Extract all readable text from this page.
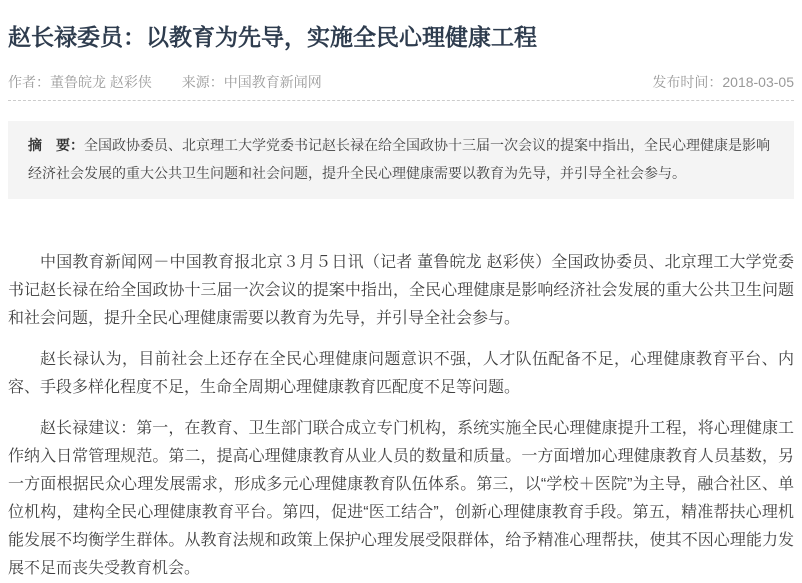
赵长禄委员：以教育为先导，实施全民心理健康工程
作者：董鲁皖龙 赵彩侠 来源：中国教育新闻网	发布时间：2018-03-05
摘　要：全国政协委员、北京理工大学党委书记赵长禄在给全国政协十三届一次会议的提案中指出，全民心理健康是影响经济社会发展的重大公共卫生问题和社会问题，提升全民心理健康需要以教育为先导，并引导全社会参与。

中国教育新闻网－中国教育报北京３月５日讯（记者 董鲁皖龙 赵彩侠）全国政协委员、北京理工大学党委书记赵长禄在给全国政协十三届一次会议的提案中指出，全民心理健康是影响经济社会发展的重大公共卫生问题和社会问题，提升全民心理健康需要以教育为先导，并引导全社会参与。

赵长禄认为，目前社会上还存在全民心理健康问题意识不强，人才队伍配备不足，心理健康教育平台、内容、手段多样化程度不足，生命全周期心理健康教育匹配度不足等问题。

赵长禄建议：第一，在教育、卫生部门联合成立专门机构，系统实施全民心理健康提升工程，将心理健康工作纳入日常管理规范。第二，提高心理健康教育从业人员的数量和质量。一方面增加心理健康教育人员基数，另一方面根据民众心理发展需求，形成多元心理健康教育队伍体系。第三，以“学校＋医院”为主导，融合社区、单位机构，建构全民心理健康教育平台。第四，促进“医工结合”，创新心理健康教育手段。第五，精准帮扶心理机能发展不均衡学生群体。从教育法规和政策上保护心理发展受限群体，给予精准心理帮扶，使其不因心理能力发展不足而丧失受教育机会。
